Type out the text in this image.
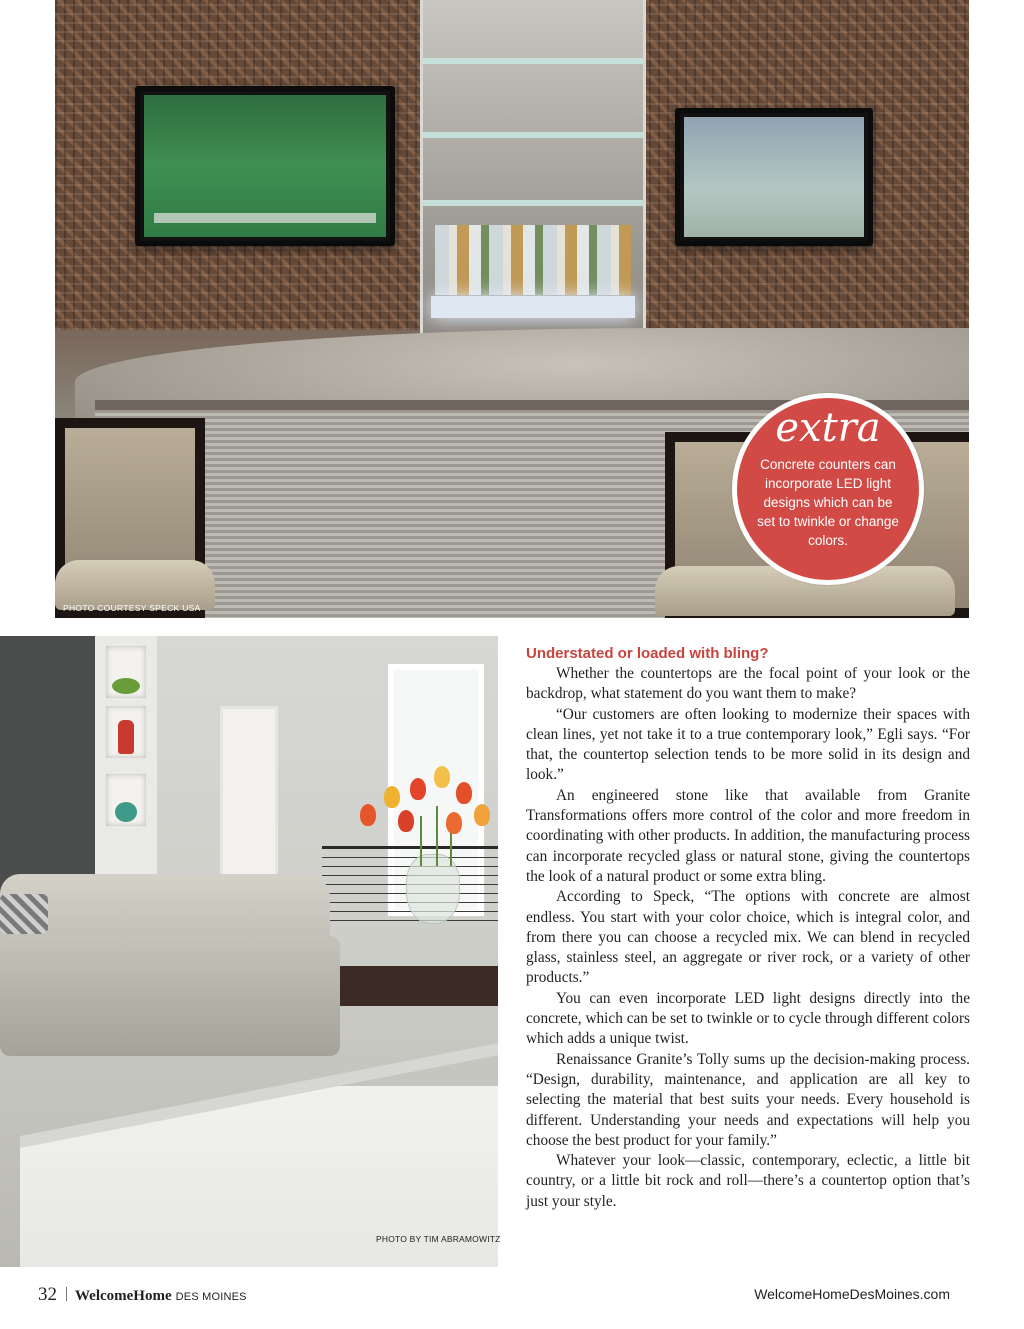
PHOTO COURTESY SPECK USA
extra
Concrete counters can incorporate LED light designs which can be set to twinkle or change colors.
PHOTO BY TIM ABRAMOWITZ
Understated or loaded with bling?

Whether the countertops are the focal point of your look or the backdrop, what statement do you want them to make?

“Our customers are often looking to modernize their spaces with clean lines, yet not take it to a true contemporary look,” Egli says. “For that, the countertop selection tends to be more solid in its design and look.”

An engineered stone like that available from Granite Transformations offers more control of the color and more freedom in coordinating with other products. In addition, the manufacturing process can incorporate recycled glass or natural stone, giving the countertops the look of a natural product or some extra bling.

According to Speck, “The options with concrete are almost endless. You start with your color choice, which is integral color, and from there you can choose a recycled mix. We can blend in recycled glass, stainless steel, an aggregate or river rock, or a variety of other products.”

You can even incorporate LED light designs directly into the concrete, which can be set to twinkle or to cycle through different colors which adds a unique twist.

Renaissance Granite’s Tolly sums up the decision-making process. “Design, durability, maintenance, and application are all key to selecting the material that best suits your needs. Every household is different. Understanding your needs and expectations will help you choose the best product for your family.”

Whatever your look—classic, contemporary, eclectic, a little bit country, or a little bit rock and roll—there’s a countertop option that’s just your style.

32 WelcomeHome DES MOINES	WelcomeHomeDesMoines.com
